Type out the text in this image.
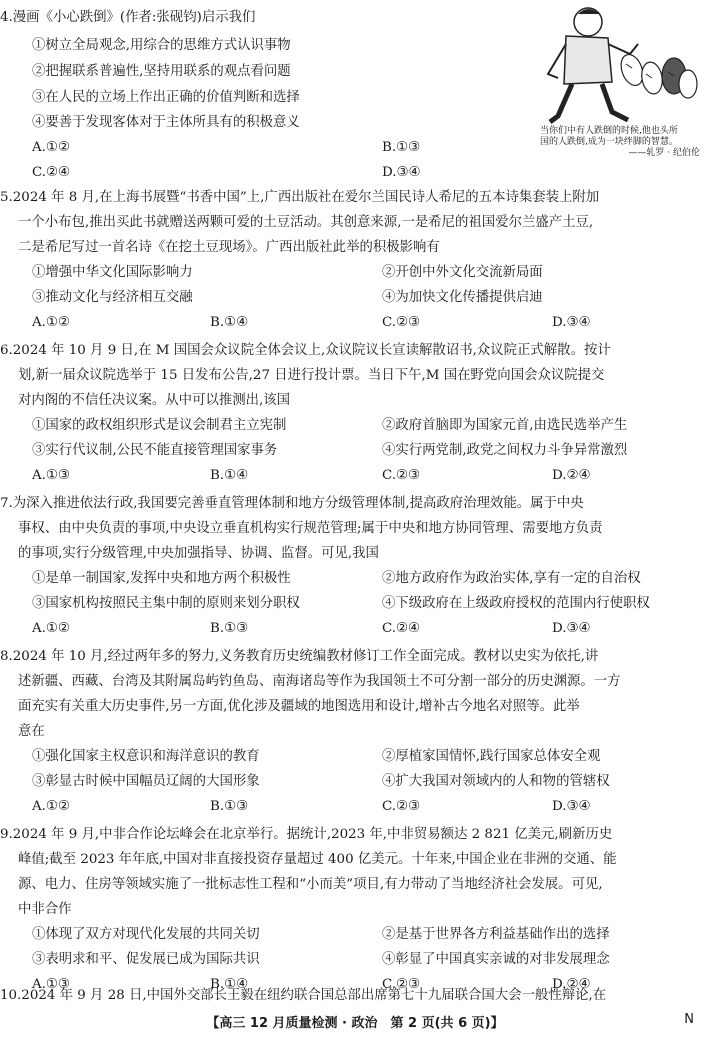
4.漫画《小心跌倒》(作者:张砚钧)启示我们
①树立全局观念,用综合的思维方式认识事物
②把握联系普遍性,坚持用联系的观点看问题
③在人民的立场上作出正确的价值判断和选择
④要善于发现客体对于主体所具有的积极意义
A.①②	B.①③
C.②④	D.③④
当你们中有人跌倒的时候,他也头所
国的人跌倒,成为一块绊脚的智慧。
——轧罗 · 纪伯伦
5.2024 年 8 月,在上海书展暨“书香中国”上,广西出版社在爱尔兰国民诗人希尼的五本诗集套装上附加
一个小布包,推出买此书就赠送两颗可爱的土豆活动。其创意来源,一是希尼的祖国爱尔兰盛产土豆,
二是希尼写过一首名诗《在挖土豆现场》。广西出版社此举的积极影响有
①增强中华文化国际影响力	②开创中外文化交流新局面
③推动文化与经济相互交融	④为加快文化传播提供启迪
A.①②	B.①④	C.②③	D.③④
6.2024 年 10 月 9 日,在 M 国国会众议院全体会议上,众议院议长宣读解散诏书,众议院正式解散。按计
划,新一届众议院选举于 15 日发布公告,27 日进行投计票。当日下午,M 国在野党向国会众议院提交
对内阁的不信任决议案。从中可以推测出,该国
①国家的政权组织形式是议会制君主立宪制	②政府首脑即为国家元首,由选民选举产生
③实行代议制,公民不能直接管理国家事务	④实行两党制,政党之间权力斗争异常激烈
A.①③	B.①④	C.②③	D.②④
7.为深入推进依法行政,我国要完善垂直管理体制和地方分级管理体制,提高政府治理效能。属于中央
事权、由中央负责的事项,中央设立垂直机构实行规范管理;属于中央和地方协同管理、需要地方负责
的事项,实行分级管理,中央加强指导、协调、监督。可见,我国
①是单一制国家,发挥中央和地方两个积极性	②地方政府作为政治实体,享有一定的自治权
③国家机构按照民主集中制的原则来划分职权	④下级政府在上级政府授权的范围内行使职权
A.①②	B.①③	C.②④	D.③④
8.2024 年 10 月,经过两年多的努力,义务教育历史统编教材修订工作全面完成。教材以史实为依托,讲
述新疆、西藏、台湾及其附属岛屿钓鱼岛、南海诸岛等作为我国领土不可分割一部分的历史渊源。一方
面充实有关重大历史事件,另一方面,优化涉及疆域的地图选用和设计,增补古今地名对照等。此举
意在
①强化国家主权意识和海洋意识的教育	②厚植家国情怀,践行国家总体安全观
③彰显古时候中国幅员辽阔的大国形象	④扩大我国对领域内的人和物的管辖权
A.①②	B.①③	C.②③	D.③④
9.2024 年 9 月,中非合作论坛峰会在北京举行。据统计,2023 年,中非贸易额达 2 821 亿美元,刷新历史
峰值;截至 2023 年年底,中国对非直接投资存量超过 400 亿美元。十年来,中国企业在非洲的交通、能
源、电力、住房等领域实施了一批标志性工程和“小而美”项目,有力带动了当地经济社会发展。可见,
中非合作
①体现了双方对现代化发展的共同关切	②是基于世界各方利益基础作出的选择
③表明求和平、促发展已成为国际共识	④彰显了中国真实亲诚的对非发展理念
A.①③	B.①④	C.②③	D.②④
10.2024 年 9 月 28 日,中国外交部长王毅在纽约联合国总部出席第七十九届联合国大会一般性辩论,在
【高三 12 月质量检测 · 政治　第 2 页(共 6 页)】	N
